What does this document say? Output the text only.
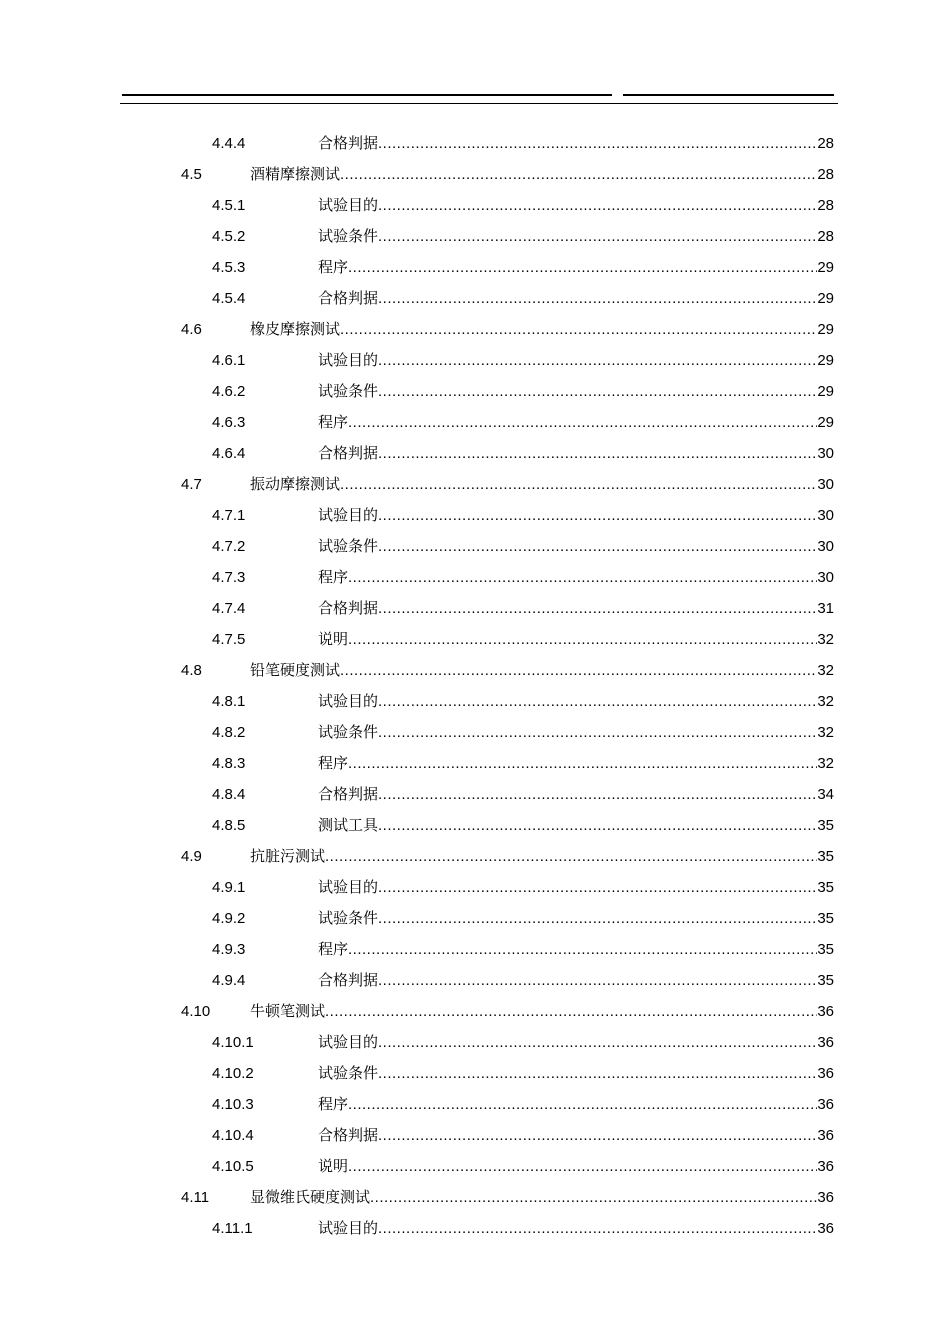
4.4.4	合格判据 .....	28
4.5	酒精摩擦测试 .....	28
4.5.1	试验目的 .....	28
4.5.2	试验条件 .....	28
4.5.3	程序 .....	29
4.5.4	合格判据 .....	29
4.6	橡皮摩擦测试 .....	29
4.6.1	试验目的 .....	29
4.6.2	试验条件 .....	29
4.6.3	程序 .....	29
4.6.4	合格判据 .....	30
4.7	振动摩擦测试 .....	30
4.7.1	试验目的 .....	30
4.7.2	试验条件 .....	30
4.7.3	程序 .....	30
4.7.4	合格判据 .....	31
4.7.5	说明 .....	32
4.8	铅笔硬度测试 .....	32
4.8.1	试验目的 .....	32
4.8.2	试验条件 .....	32
4.8.3	程序 .....	32
4.8.4	合格判据 .....	34
4.8.5	测试工具 .....	35
4.9	抗脏污测试 .....	35
4.9.1	试验目的 .....	35
4.9.2	试验条件 .....	35
4.9.3	程序 .....	35
4.9.4	合格判据 .....	35
4.10	牛顿笔测试 .....	36
4.10.1	试验目的 .....	36
4.10.2	试验条件 .....	36
4.10.3	程序 .....	36
4.10.4	合格判据 .....	36
4.10.5	说明 .....	36
4.11	显微维氏硬度测试 .....	36
4.11.1	试验目的 .....	36
